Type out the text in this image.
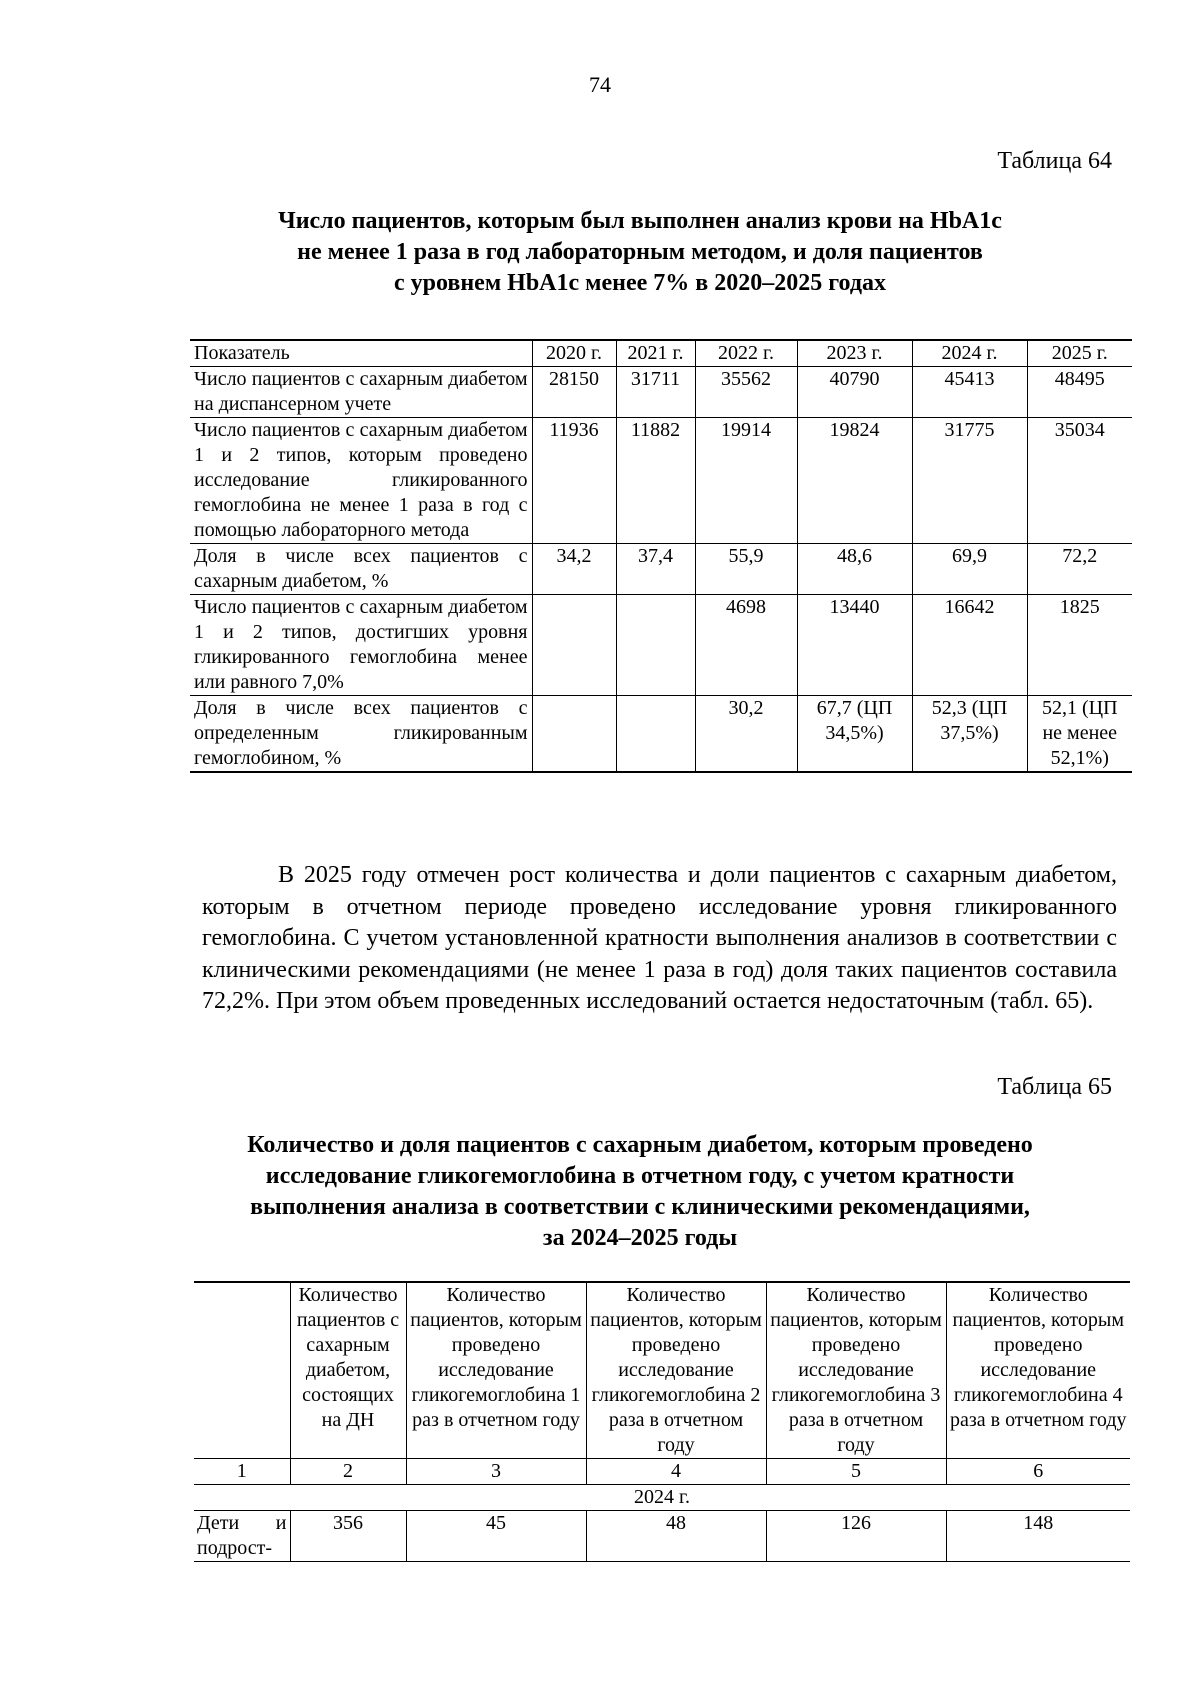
74
Таблица 64
Число пациентов, которым был выполнен анализ крови на HbA1c
не менее 1 раза в год лабораторным методом, и доля пациентов
с уровнем HbA1c менее 7% в 2020–2025 годах
Показатель	2020 г.	2021 г.	2022 г.	2023 г.	2024 г.	2025 г.
Число пациентов с сахарным диабетом на диспансерном учете	28150	31711	35562	40790	45413	48495
Число пациентов с сахарным диабетом 1 и 2 типов, которым проведено исследование гликированного гемоглобина не менее 1 раза в год с помощью лабораторного метода	11936	11882	19914	19824	31775	35034
Доля в числе всех пациентов с сахарным диабетом, %	34,2	37,4	55,9	48,6	69,9	72,2
Число пациентов с сахарным диабетом 1 и 2 типов, достигших уровня гликированного гемоглобина менее или равного 7,0%			4698	13440	16642	1825
Доля в числе всех пациентов с определенным гликированным гемоглобином, %			30,2	67,7 (ЦП 34,5%)	52,3 (ЦП 37,5%)	52,1 (ЦП не менее 52,1%)

В 2025 году отмечен рост количества и доли пациентов с сахарным диабетом, которым в отчетном периоде проведено исследование уровня гликированного гемоглобина. С учетом установленной кратности выполнения анализов в соответствии с клиническими рекомендациями (не менее 1 раза в год) доля таких пациентов составила 72,2%. При этом объем проведенных исследований остается недостаточным (табл. 65).

Таблица 65
Количество и доля пациентов с сахарным диабетом, которым проведено
исследование гликогемоглобина в отчетном году, с учетом кратности
выполнения анализа в соответствии с клиническими рекомендациями,
за 2024–2025 годы
	Количество пациентов с сахарным диабетом, состоящих на ДН	Количество пациентов, которым проведено исследование гликогемоглобина 1 раз в отчетном году	Количество пациентов, которым проведено исследование гликогемоглобина 2 раза в отчетном году	Количество пациентов, которым проведено исследование гликогемоглобина 3 раза в отчетном году	Количество пациентов, которым проведено исследование гликогемоглобина 4 раза в отчетном году
1	2	3	4	5	6
2024 г.					
Дети и подрост-	356	45	48	126	148
